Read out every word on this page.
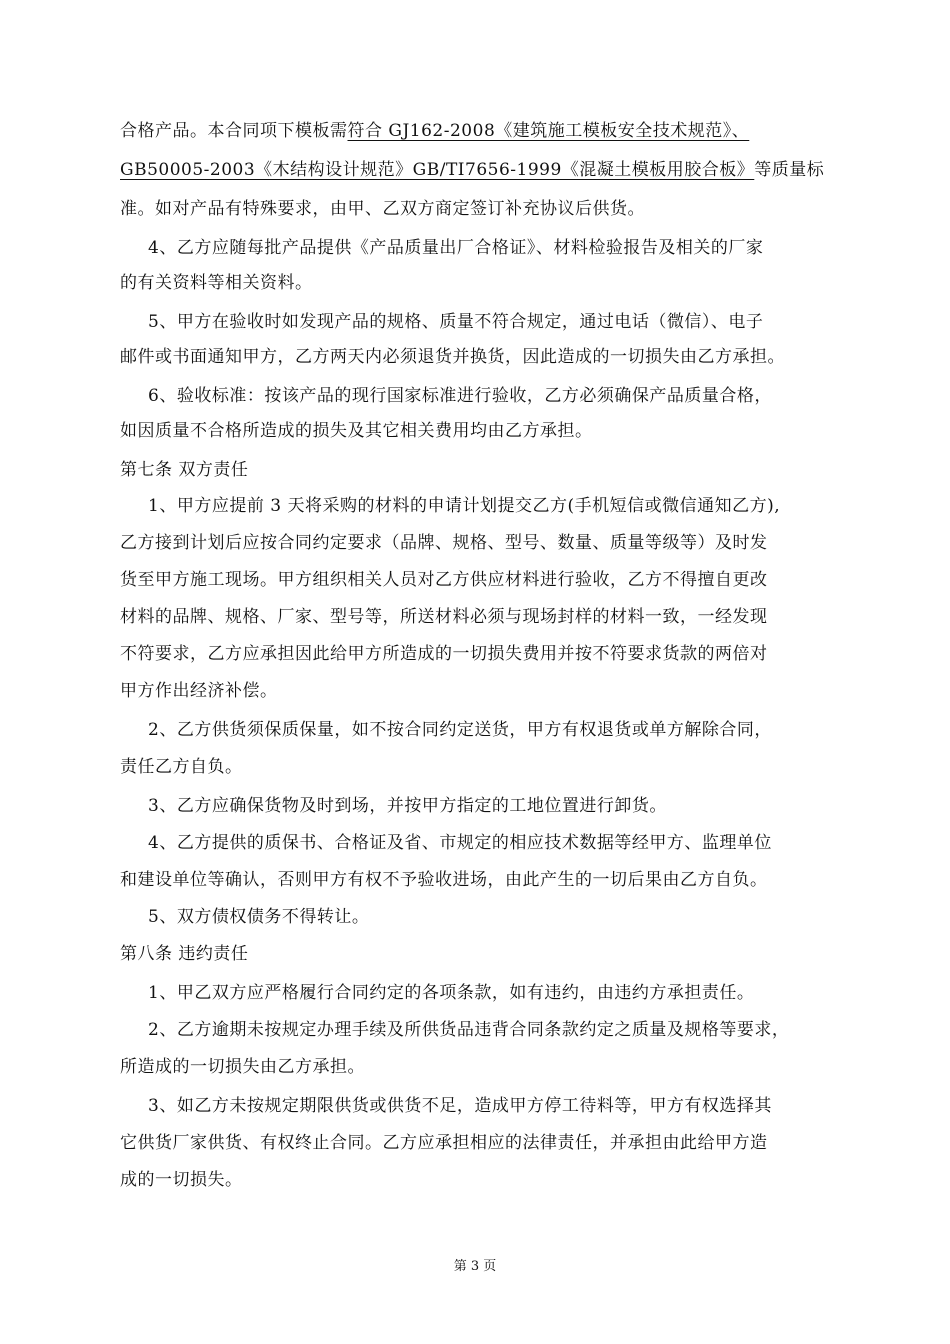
合格产品。本合同项下模板需符合 GJ162-2008《建筑施工模板安全技术规范》、
GB50005-2003《木结构设计规范》GB/TI7656-1999《混凝土模板用胶合板》等质量标
准。如对产品有特殊要求，由甲、乙双方商定签订补充协议后供货。
4、乙方应随每批产品提供《产品质量出厂合格证》、材料检验报告及相关的厂家
的有关资料等相关资料。
5、甲方在验收时如发现产品的规格、质量不符合规定，通过电话（微信）、电子
邮件或书面通知甲方，乙方两天内必须退货并换货，因此造成的一切损失由乙方承担。
6、验收标准：按该产品的现行国家标准进行验收，乙方必须确保产品质量合格，
如因质量不合格所造成的损失及其它相关费用均由乙方承担。
第七条 双方责任
1、甲方应提前 3 天将采购的材料的申请计划提交乙方(手机短信或微信通知乙方),
乙方接到计划后应按合同约定要求（品牌、规格、型号、数量、质量等级等）及时发
货至甲方施工现场。甲方组织相关人员对乙方供应材料进行验收，乙方不得擅自更改
材料的品牌、规格、厂家、型号等，所送材料必须与现场封样的材料一致，一经发现
不符要求，乙方应承担因此给甲方所造成的一切损失费用并按不符要求货款的两倍对
甲方作出经济补偿。
2、乙方供货须保质保量，如不按合同约定送货，甲方有权退货或单方解除合同，
责任乙方自负。
3、乙方应确保货物及时到场，并按甲方指定的工地位置进行卸货。
4、乙方提供的质保书、合格证及省、市规定的相应技术数据等经甲方、监理单位
和建设单位等确认，否则甲方有权不予验收进场，由此产生的一切后果由乙方自负。
5、双方债权债务不得转让。
第八条 违约责任
1、甲乙双方应严格履行合同约定的各项条款，如有违约，由违约方承担责任。
2、乙方逾期未按规定办理手续及所供货品违背合同条款约定之质量及规格等要求，
所造成的一切损失由乙方承担。
3、如乙方未按规定期限供货或供货不足，造成甲方停工待料等，甲方有权选择其
它供货厂家供货、有权终止合同。乙方应承担相应的法律责任，并承担由此给甲方造
成的一切损失。
第 3 页
